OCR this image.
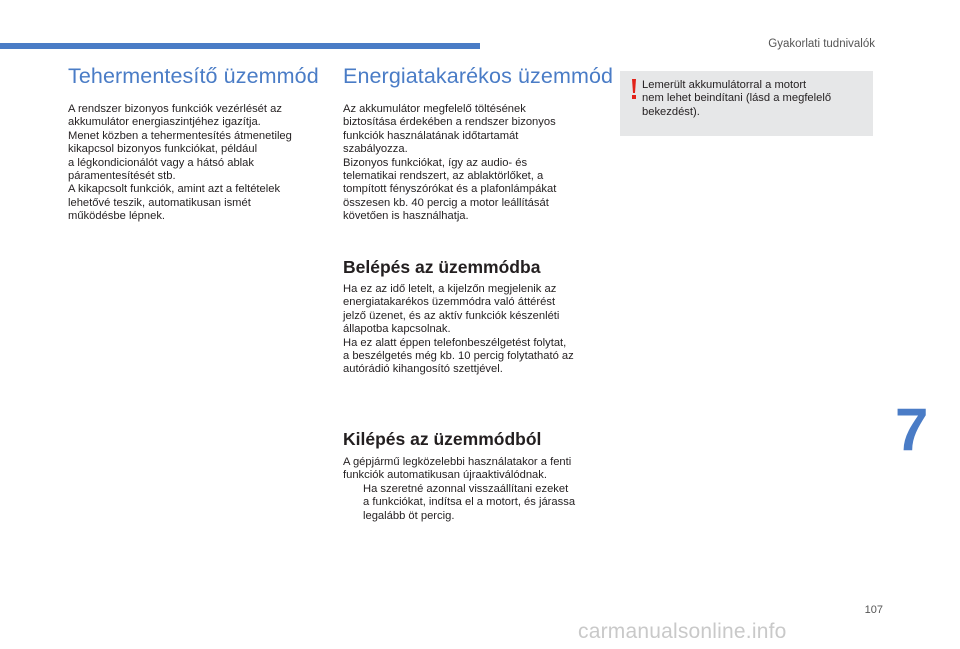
Gyakorlati tudnivalók
Tehermentesítő üzemmód

A rendszer bizonyos funkciók vezérlését az
akkumulátor energiaszintjéhez igazítja.
Menet közben a tehermentesítés átmenetileg
kikapcsol bizonyos funkciókat, például
a légkondicionálót vagy a hátsó ablak
páramentesítését stb.
A kikapcsolt funkciók, amint azt a feltételek
lehetővé teszik, automatikusan ismét
működésbe lépnek.

Energiatakarékos üzemmód

Az akkumulátor megfelelő töltésének
biztosítása érdekében a rendszer bizonyos
funkciók használatának időtartamát
szabályozza.
Bizonyos funkciókat, így az audio- és
telematikai rendszert, az ablaktörlőket, a
tompított fényszórókat és a plafonlámpákat
összesen kb. 40 percig a motor leállítását
követően is használhatja.

Belépés az üzemmódba

Ha ez az idő letelt, a kijelzőn megjelenik az
energiatakarékos üzemmódra való áttérést
jelző üzenet, és az aktív funkciók készenléti
állapotba kapcsolnak.
Ha ez alatt éppen telefonbeszélgetést folytat,
a beszélgetés még kb. 10 percig folytatható az
autórádió kihangosító szettjével.

Kilépés az üzemmódból

A gépjármű legközelebbi használatakor a fenti
funkciók automatikusan újraaktiválódnak.

Ha szeretné azonnal visszaállítani ezeket
a funkciókat, indítsa el a motort, és járassa
legalább öt percig.
Lemerült akkumulátorral a motort
nem lehet beindítani (lásd a megfelelő
bekezdést).
7
107
carmanualsonline.info
